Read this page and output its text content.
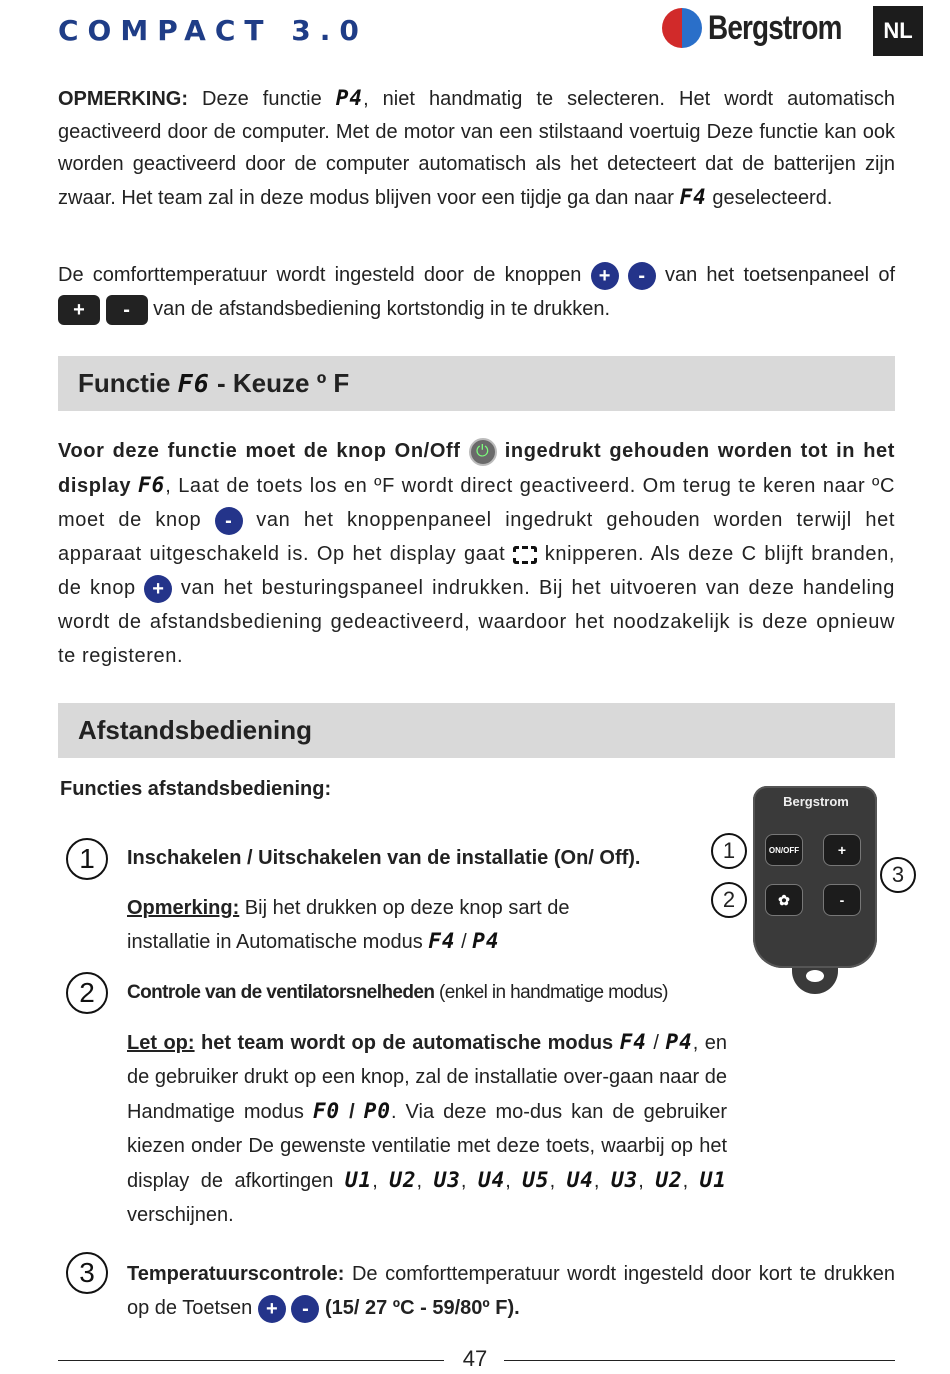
COMPACT 3.0	Bergstrom	NL
OPMERKING: Deze functie P4, niet handmatig te selecteren. Het wordt automatisch geactiveerd door de computer. Met de motor van een stilstaand voertuig Deze functie kan ook worden geactiveerd door de computer automatisch als het detecteert dat de batterijen zijn zwaar. Het team zal in deze modus blijven voor een tijdje ga dan naar F4 geselecteerd.
De comforttemperatuur wordt ingesteld door de knoppen + - van het toetsenpaneel of + - van de afstandsbediening kortstondig in te drukken.
Functie F6 - Keuze º F
Voor deze functie moet de knop On/Off ⏻ ingedrukt gehouden worden tot in het display F6, Laat de toets los en ºF wordt direct geactiveerd. Om terug te keren naar ºC moet de knop - van het knoppenpaneel ingedrukt gehouden worden terwijl het apparaat uitgeschakeld is. Op het display gaat  knipperen. Als deze C blijft branden, de knop + van het besturingspaneel indrukken. Bij het uitvoeren van deze handeling wordt de afstandsbediening gedeactiveerd, waardoor het noodzakelijk is deze opnieuw te registeren.
Afstandsbediening
Functies afstandsbediening:
1	Inschakelen / Uitschakelen van de installatie (On/ Off).
Opmerking: Bij het drukken op deze knop sart de installatie in Automatische modus F4 / P4
2	Controle van de ventilatorsnelheden (enkel in handmatige modus)
Let op: het team wordt op de automatische modus F4 / P4, en de gebruiker drukt op een knop, zal de installatie over-gaan naar de Handmatige modus F0 / P0. Via deze mo-dus kan de gebruiker kiezen onder De gewenste ventilatie met deze toets, waarbij op het display de afkortingen U1, U2, U3, U4, U5, U4, U3, U2, U1 verschijnen.
3	Temperatuurscontrole: De comforttemperatuur wordt ingesteld door kort te drukken op de Toetsen + - (15/ 27 ºC - 59/80º F).
Bergstrom
ON/OFF	+
✿	-
1
2
3
47
